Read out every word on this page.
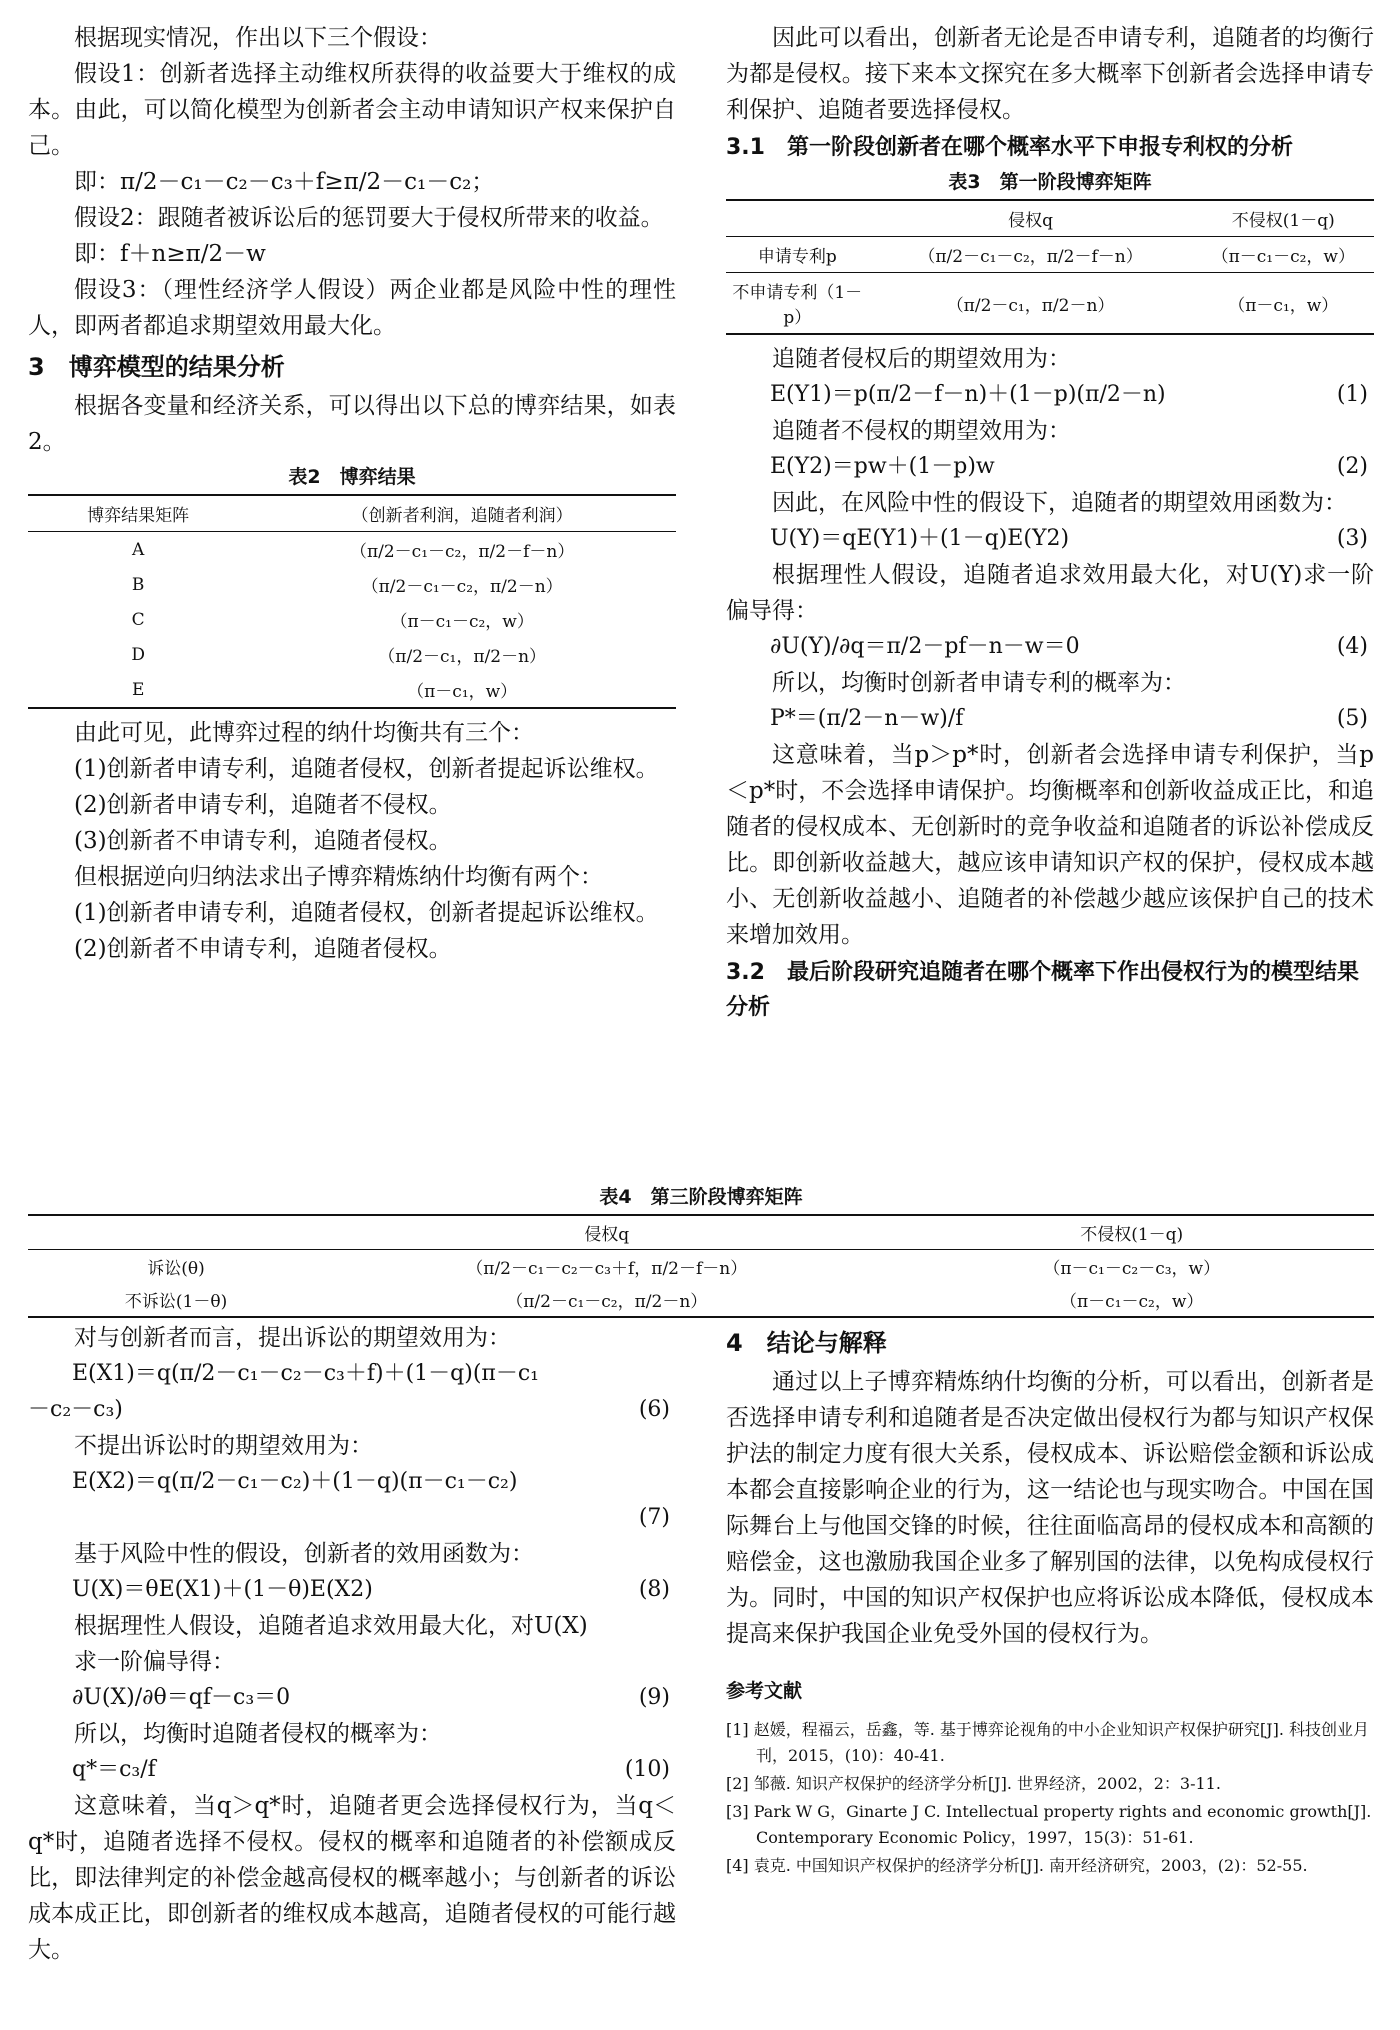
根据现实情况，作出以下三个假设：

假设1：创新者选择主动维权所获得的收益要大于维权的成本。由此，可以简化模型为创新者会主动申请知识产权来保护自己。

即：π/2－c₁－c₂－c₃＋f≥π/2－c₁－c₂；

假设2：跟随者被诉讼后的惩罚要大于侵权所带来的收益。

即：f＋n≥π/2－w

假设3：（理性经济学人假设）两企业都是风险中性的理性人，即两者都追求期望效用最大化。

3　博弈模型的结果分析

根据各变量和经济关系，可以得出以下总的博弈结果，如表2。

表2　博弈结果
博弈结果矩阵	（创新者利润，追随者利润）
A	（π/2－c₁－c₂，π/2－f－n）
B	（π/2－c₁－c₂，π/2－n）
C	（π－c₁－c₂，w）
D	（π/2－c₁，π/2－n）
E	（π－c₁，w）

由此可见，此博弈过程的纳什均衡共有三个：

(1)创新者申请专利，追随者侵权，创新者提起诉讼维权。

(2)创新者申请专利，追随者不侵权。

(3)创新者不申请专利，追随者侵权。

但根据逆向归纳法求出子博弈精炼纳什均衡有两个：

(1)创新者申请专利，追随者侵权，创新者提起诉讼维权。

(2)创新者不申请专利，追随者侵权。

因此可以看出，创新者无论是否申请专利，追随者的均衡行为都是侵权。接下来本文探究在多大概率下创新者会选择申请专利保护、追随者要选择侵权。

3.1　第一阶段创新者在哪个概率水平下申报专利权的分析
表3　第一阶段博弈矩阵
	侵权q	不侵权(1－q)
申请专利p	（π/2－c₁－c₂，π/2－f－n）	（π－c₁－c₂，w）
不申请专利（1－p）	（π/2－c₁，π/2－n）	（π－c₁，w）

追随者侵权后的期望效用为：

E(Y1)＝p(π/2－f－n)＋(1－p)(π/2－n)	(1)

追随者不侵权的期望效用为：

E(Y2)＝pw＋(1－p)w	(2)

因此，在风险中性的假设下，追随者的期望效用函数为：

U(Y)＝qE(Y1)＋(1－q)E(Y2)	(3)

根据理性人假设，追随者追求效用最大化，对U(Y)求一阶偏导得：

∂U(Y)/∂q＝π/2－pf－n－w＝0	(4)

所以，均衡时创新者申请专利的概率为：

P*＝(π/2－n－w)/f	(5)

这意味着，当p＞p*时，创新者会选择申请专利保护，当p＜p*时，不会选择申请保护。均衡概率和创新收益成正比，和追随者的侵权成本、无创新时的竞争收益和追随者的诉讼补偿成反比。即创新收益越大，越应该申请知识产权的保护，侵权成本越小、无创新收益越小、追随者的补偿越少越应该保护自己的技术来增加效用。

3.2　最后阶段研究追随者在哪个概率下作出侵权行为的模型结果分析
表4　第三阶段博弈矩阵
	侵权q	不侵权(1－q)
诉讼(θ)	（π/2－c₁－c₂－c₃＋f，π/2－f－n）	（π－c₁－c₂－c₃，w）
不诉讼(1－θ)	（π/2－c₁－c₂，π/2－n）	（π－c₁－c₂，w）

对与创新者而言，提出诉讼的期望效用为：

E(X1)＝q(π/2－c₁－c₂－c₃＋f)＋(1－q)(π－c₁
－c₂－c₃)	(6)

不提出诉讼时的期望效用为：

E(X2)＝q(π/2－c₁－c₂)＋(1－q)(π－c₁－c₂)
(7)

基于风险中性的假设，创新者的效用函数为：

U(X)＝θE(X1)＋(1－θ)E(X2)	(8)

根据理性人假设，追随者追求效用最大化，对U(X)

求一阶偏导得：

∂U(X)/∂θ＝qf－c₃＝0	(9)

所以，均衡时追随者侵权的概率为：

q*＝c₃/f	(10)

这意味着，当q＞q*时，追随者更会选择侵权行为，当q＜q*时，追随者选择不侵权。侵权的概率和追随者的补偿额成反比，即法律判定的补偿金越高侵权的概率越小；与创新者的诉讼成本成正比，即创新者的维权成本越高，追随者侵权的可能行越大。

4　结论与解释

通过以上子博弈精炼纳什均衡的分析，可以看出，创新者是否选择申请专利和追随者是否决定做出侵权行为都与知识产权保护法的制定力度有很大关系，侵权成本、诉讼赔偿金额和诉讼成本都会直接影响企业的行为，这一结论也与现实吻合。中国在国际舞台上与他国交锋的时候，往往面临高昂的侵权成本和高额的赔偿金，这也激励我国企业多了解别国的法律，以免构成侵权行为。同时，中国的知识产权保护也应将诉讼成本降低，侵权成本提高来保护我国企业免受外国的侵权行为。

参考文献

[1] 赵媛，程福云，岳鑫，等. 基于博弈论视角的中小企业知识产权保护研究[J]. 科技创业月刊，2015，(10)：40-41.

[2] 邹薇. 知识产权保护的经济学分析[J]. 世界经济，2002，2：3-11.

[3] Park W G，Ginarte J C. Intellectual property rights and economic growth[J]. Contemporary Economic Policy，1997，15(3)：51-61.

[4] 袁克. 中国知识产权保护的经济学分析[J]. 南开经济研究，2003，(2)：52-55.
